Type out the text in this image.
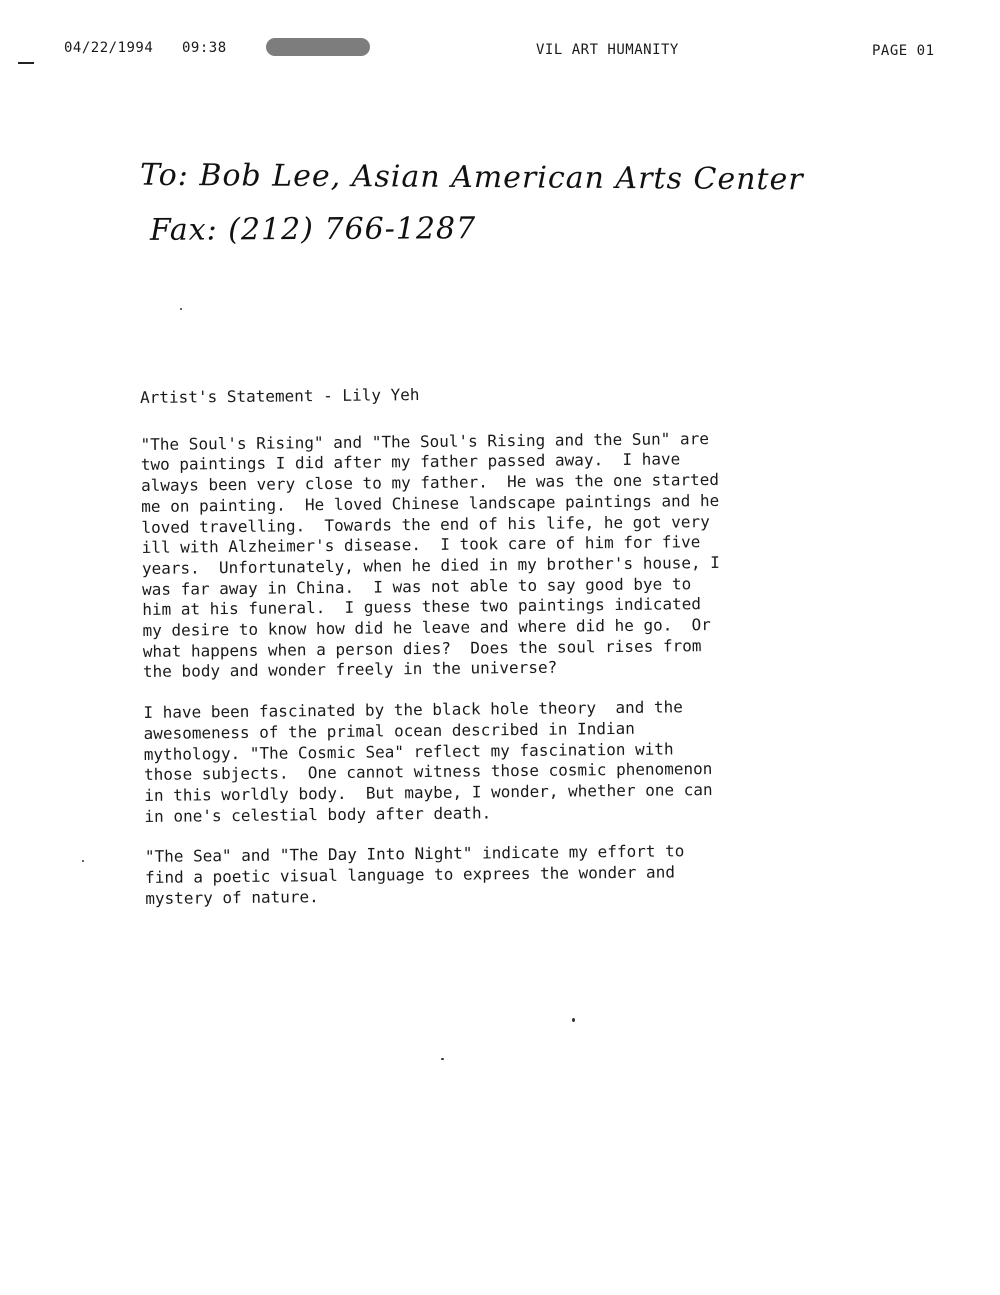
04/22/1994 09:38	VIL ART HUMANITY	PAGE 01
To: Bob Lee, Asian American Arts Center
Fax: (212) 766-1287
Artist's Statement - Lily Yeh
"The Soul's Rising" and "The Soul's Rising and the Sun" are
two paintings I did after my father passed away.  I have
always been very close to my father.  He was the one started
me on painting.  He loved Chinese landscape paintings and he
loved travelling.  Towards the end of his life, he got very
ill with Alzheimer's disease.  I took care of him for five
years.  Unfortunately, when he died in my brother's house, I
was far away in China.  I was not able to say good bye to
him at his funeral.  I guess these two paintings indicated
my desire to know how did he leave and where did he go.  Or
what happens when a person dies?  Does the soul rises from
the body and wonder freely in the universe?
I have been fascinated by the black hole theory  and the
awesomeness of the primal ocean described in Indian
mythology. "The Cosmic Sea" reflect my fascination with
those subjects.  One cannot witness those cosmic phenomenon
in this worldly body.  But maybe, I wonder, whether one can
in one's celestial body after death.
"The Sea" and "The Day Into Night" indicate my effort to
find a poetic visual language to exprees the wonder and
mystery of nature.
